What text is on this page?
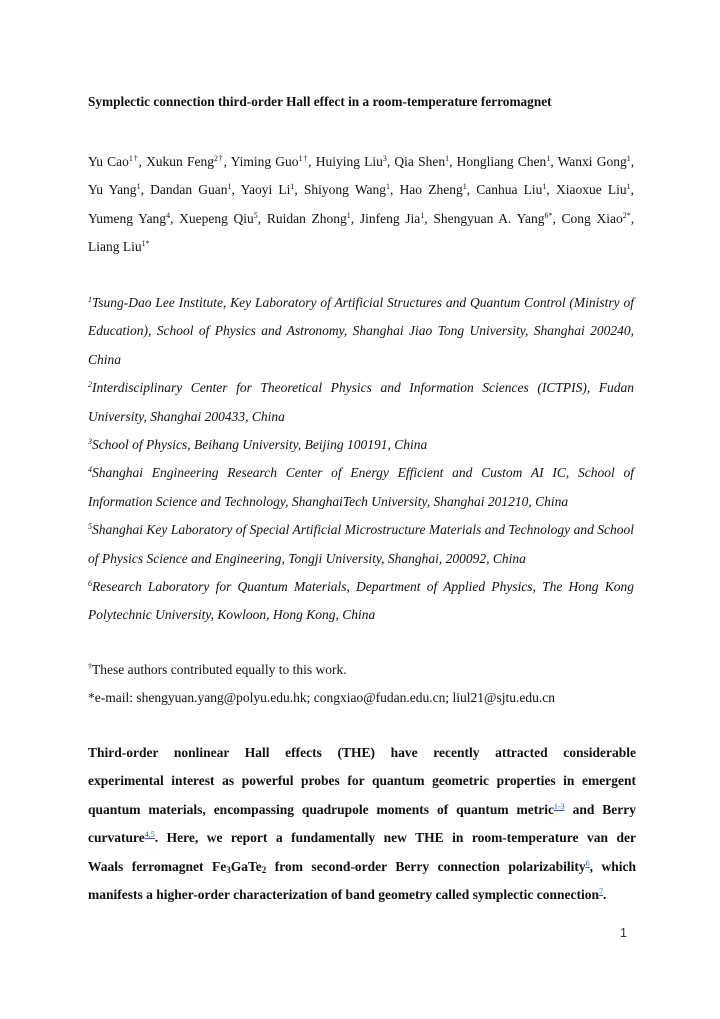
Symplectic connection third-order Hall effect in a room-temperature ferromagnet
Yu Cao$^{1\dagger}$, Xukun Feng$^{2\dagger}$, Yiming Guo$^{1\dagger}$, Huiying Liu$^3$, Qia Shen$^1$, Hongliang Chen$^1$, Wanxi Gong$^1$, Yu Yang$^1$, Dandan Guan$^1$, Yaoyi Li$^1$, Shiyong Wang$^1$, Hao Zheng$^1$, Canhua Liu$^1$, Xiaoxue Liu$^1$, Yumeng Yang$^4$, Xuepeng Qiu$^5$, Ruidan Zhong$^1$, Jinfeng Jia$^1$, Shengyuan A. Yang$^{6*}$, Cong Xiao$^{2*}$, Liang Liu$^{1*}$
$^1$Tsung-Dao Lee Institute, Key Laboratory of Artificial Structures and Quantum Control (Ministry of Education), School of Physics and Astronomy, Shanghai Jiao Tong University, Shanghai 200240, China
$^2$Interdisciplinary Center for Theoretical Physics and Information Sciences (ICTPIS), Fudan University, Shanghai 200433, China
$^3$School of Physics, Beihang University, Beijing 100191, China
$^4$Shanghai Engineering Research Center of Energy Efficient and Custom AI IC, School of Information Science and Technology, ShanghaiTech University, Shanghai 201210, China
$^5$Shanghai Key Laboratory of Special Artificial Microstructure Materials and Technology and School of Physics Science and Engineering, Tongji University, Shanghai, 200092, China
$^6$Research Laboratory for Quantum Materials, Department of Applied Physics, The Hong Kong Polytechnic University, Kowloon, Hong Kong, China
†These authors contributed equally to this work.
*e-mail: shengyuan.yang@polyu.edu.hk; congxiao@fudan.edu.cn; liul21@sjtu.edu.cn
Third-order nonlinear Hall effects (THE) have recently attracted considerable
experimental interest as powerful probes for quantum geometric properties in emergent
quantum materials, encompassing quadrupole moments of quantum metric$^{1-3}$ and Berry
curvature$^{4,5}$. Here, we report a fundamentally new THE in room-temperature van der
Waals ferromagnet $Fe_3GaTe_2$ from second-order Berry connection polarizability$^6$, which
manifests a higher-order characterization of band geometry called symplectic connection$^7$.
1
